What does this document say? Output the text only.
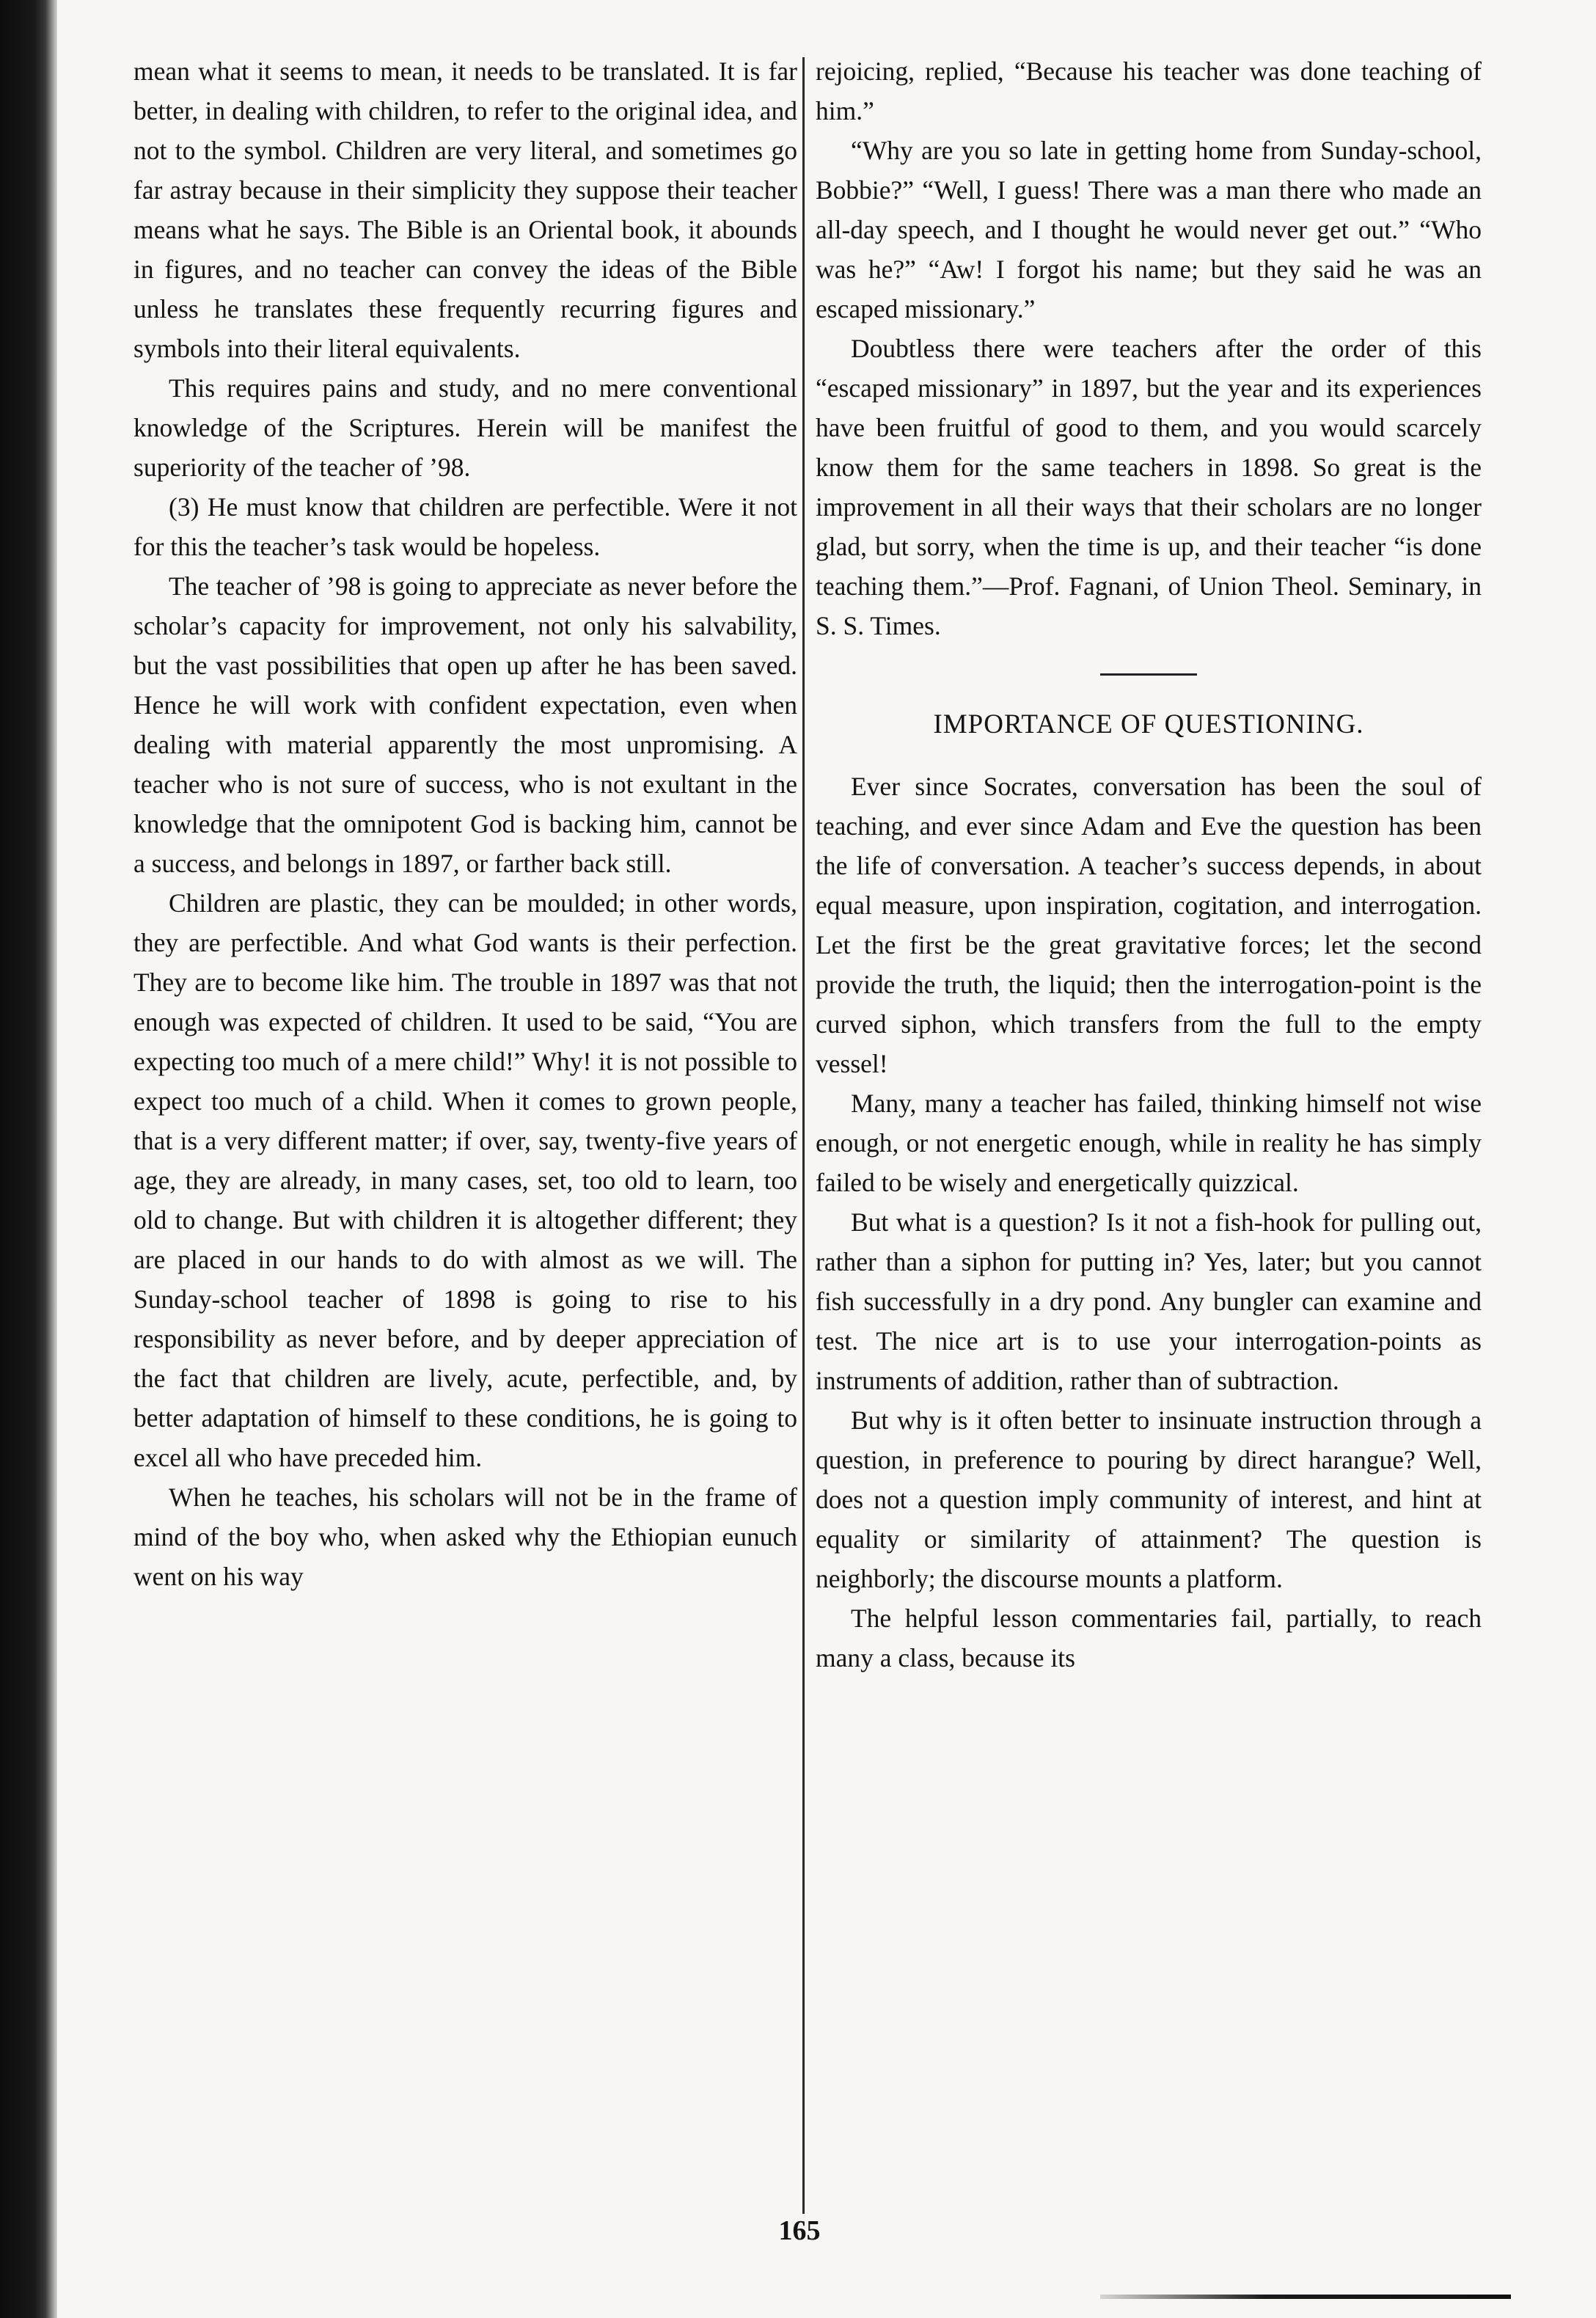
mean what it seems to mean, it needs to be translated. It is far better, in dealing with children, to refer to the original idea, and not to the symbol. Children are very literal, and sometimes go far astray because in their simplicity they suppose their teacher means what he says. The Bible is an Oriental book, it abounds in figures, and no teacher can convey the ideas of the Bible unless he translates these frequently recurring figures and symbols into their literal equivalents.

This requires pains and study, and no mere conventional knowledge of the Scriptures. Herein will be manifest the superiority of the teacher of ’98.

(3) He must know that children are perfectible. Were it not for this the teacher’s task would be hopeless.

The teacher of ’98 is going to appreciate as never before the scholar’s capacity for improvement, not only his salvability, but the vast possibilities that open up after he has been saved. Hence he will work with confident expectation, even when dealing with material apparently the most unpromising. A teacher who is not sure of success, who is not exultant in the knowledge that the omnipotent God is backing him, cannot be a success, and belongs in 1897, or farther back still.

Children are plastic, they can be moulded; in other words, they are perfectible. And what God wants is their perfection. They are to become like him. The trouble in 1897 was that not enough was expected of children. It used to be said, “You are expecting too much of a mere child!” Why! it is not possible to expect too much of a child. When it comes to grown people, that is a very different matter; if over, say, twenty-five years of age, they are already, in many cases, set, too old to learn, too old to change. But with children it is altogether different; they are placed in our hands to do with almost as we will. The Sunday-school teacher of 1898 is going to rise to his responsibility as never before, and by deeper appreciation of the fact that children are lively, acute, perfectible, and, by better adaptation of himself to these conditions, he is going to excel all who have preceded him.

When he teaches, his scholars will not be in the frame of mind of the boy who, when asked why the Ethiopian eunuch went on his way

rejoicing, replied, “Because his teacher was done teaching of him.”

“Why are you so late in getting home from Sunday-school, Bobbie?” “Well, I guess! There was a man there who made an all-day speech, and I thought he would never get out.” “Who was he?” “Aw! I forgot his name; but they said he was an escaped missionary.”

Doubtless there were teachers after the order of this “escaped missionary” in 1897, but the year and its experiences have been fruitful of good to them, and you would scarcely know them for the same teachers in 1898. So great is the improvement in all their ways that their scholars are no longer glad, but sorry, when the time is up, and their teacher “is done teaching them.”—Prof. Fagnani, of Union Theol. Seminary, in S. S. Times.

IMPORTANCE OF QUESTIONING.

Ever since Socrates, conversation has been the soul of teaching, and ever since Adam and Eve the question has been the life of conversation. A teacher’s success depends, in about equal measure, upon inspiration, cogitation, and interrogation. Let the first be the great gravitative forces; let the second provide the truth, the liquid; then the interrogation-point is the curved siphon, which transfers from the full to the empty vessel!

Many, many a teacher has failed, thinking himself not wise enough, or not energetic enough, while in reality he has simply failed to be wisely and energetically quizzical.

But what is a question? Is it not a fish-hook for pulling out, rather than a siphon for putting in? Yes, later; but you cannot fish successfully in a dry pond. Any bungler can examine and test. The nice art is to use your interrogation-points as instruments of addition, rather than of subtraction.

But why is it often better to insinuate instruction through a question, in preference to pouring by direct harangue? Well, does not a question imply community of interest, and hint at equality or similarity of attainment? The question is neighborly; the discourse mounts a platform.

The helpful lesson commentaries fail, partially, to reach many a class, because its

165
